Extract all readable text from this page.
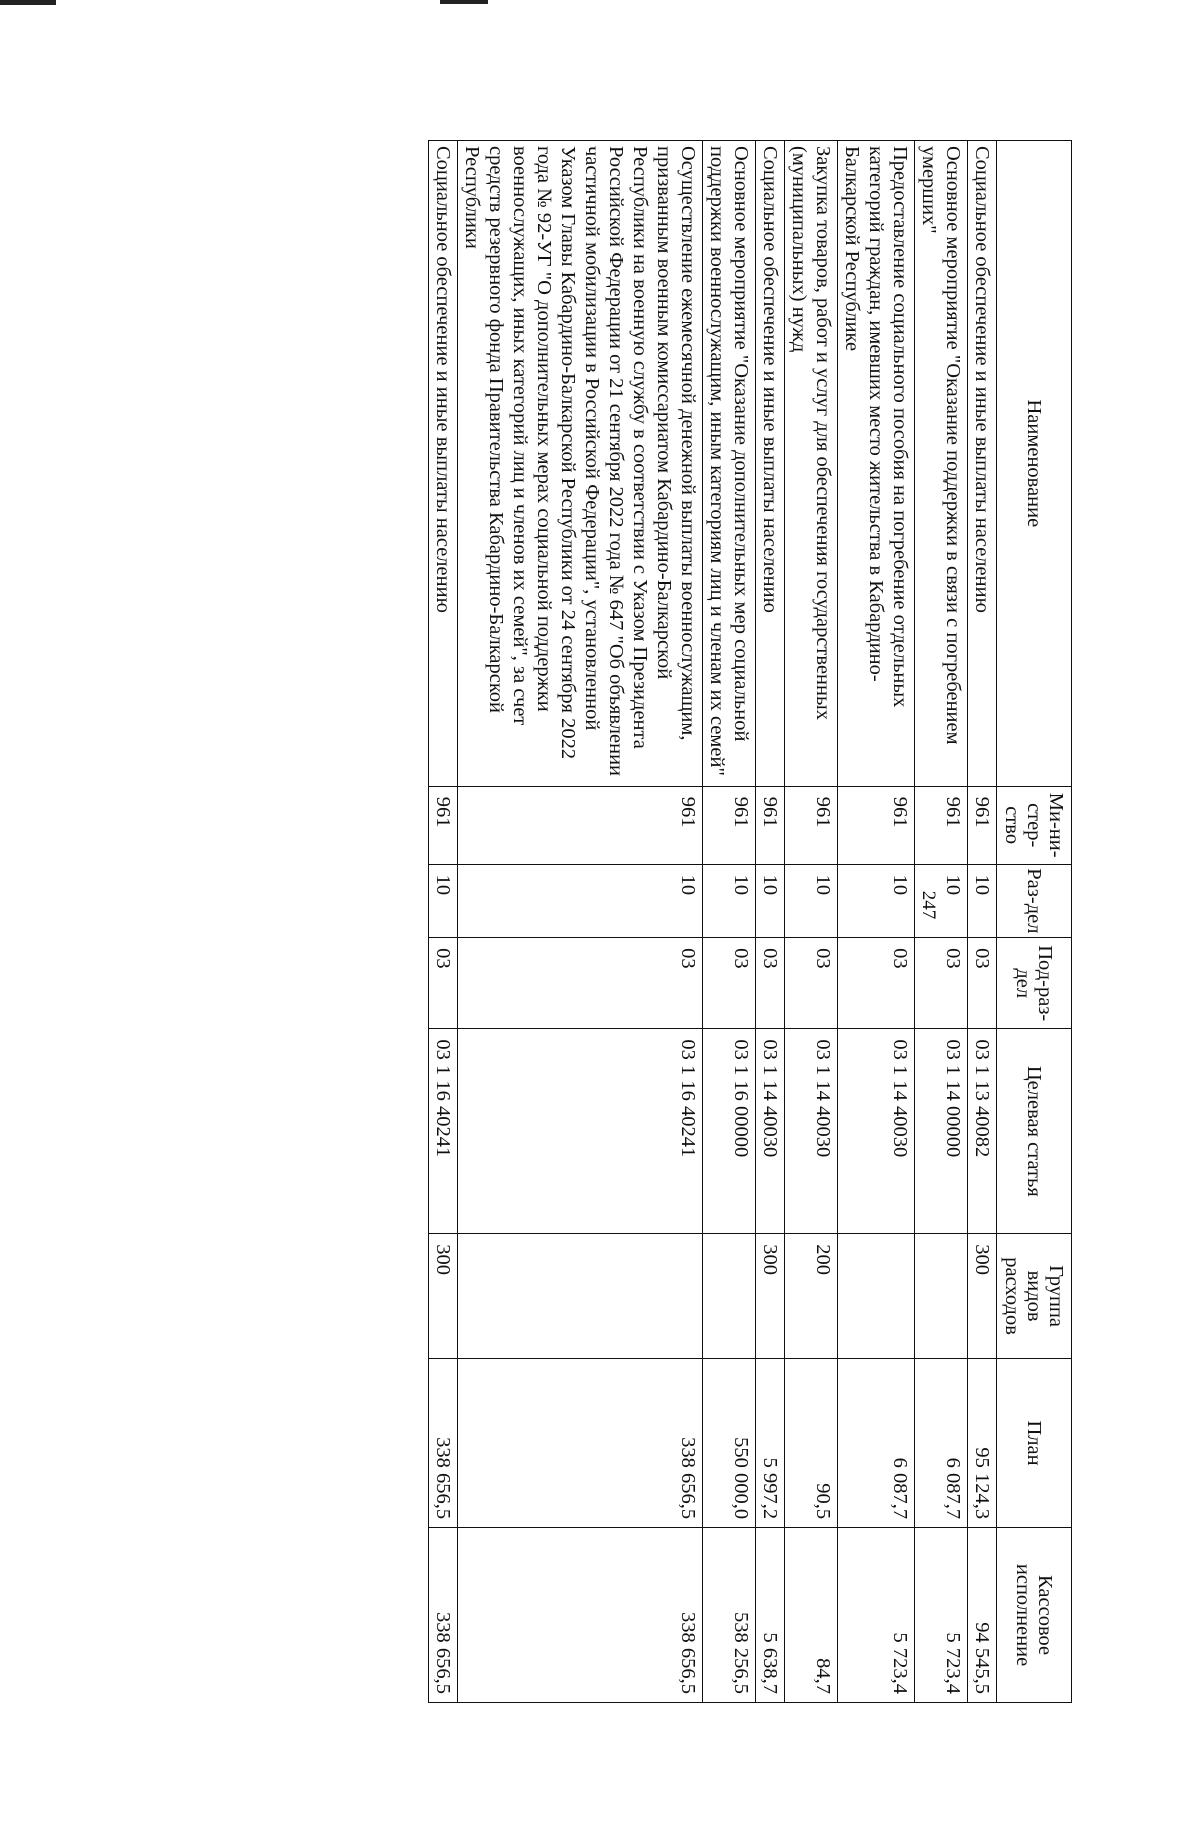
247
Наименование	Ми-ни-стер-ство	Раз-дел	Под-раз-дел	Целевая статья	Группа видов расходов	План	Кассовое исполнение
Социальное обеспечение и иные выплаты населению	961	10	03	03 1 13 40082	300	95 124,3	94 545,5
Основное мероприятие "Оказание поддержки в связи с погребением умерших"	961	10	03	03 1 14 00000		6 087,7	5 723,4
Предоставление социального пособия на погребение отдельных категорий граждан, имевших место жительства в Кабардино-Балкарской Республике	961	10	03	03 1 14 40030		6 087,7	5 723,4
Закупка товаров, работ и услуг для обеспечения государственных (муниципальных) нужд	961	10	03	03 1 14 40030	200	90,5	84,7
Социальное обеспечение и иные выплаты населению	961	10	03	03 1 14 40030	300	5 997,2	5 638,7
Основное мероприятие "Оказание дополнительных мер социальной поддержки военнослужащим, иным категориям лиц и членам их семей"	961	10	03	03 1 16 00000		550 000,0	538 256,5
Осуществление ежемесячной денежной выплаты военнослужащим, призванным военным комиссариатом Кабардино-Балкарской Республики на военную службу в соответствии с Указом Президента Российской Федерации от 21 сентября 2022 года № 647 "Об объявлении частичной мобилизации в Российской Федерации", установленной Указом Главы Кабардино-Балкарской Республики от 24 сентября 2022 года № 92-УГ "О дополнительных мерах социальной поддержки военнослужащих, иных категорий лиц и членов их семей", за счет средств резервного фонда Правительства Кабардино-Балкарской Республики	961	10	03	03 1 16 40241		338 656,5	338 656,5
Социальное обеспечение и иные выплаты населению	961	10	03	03 1 16 40241	300	338 656,5	338 656,5
